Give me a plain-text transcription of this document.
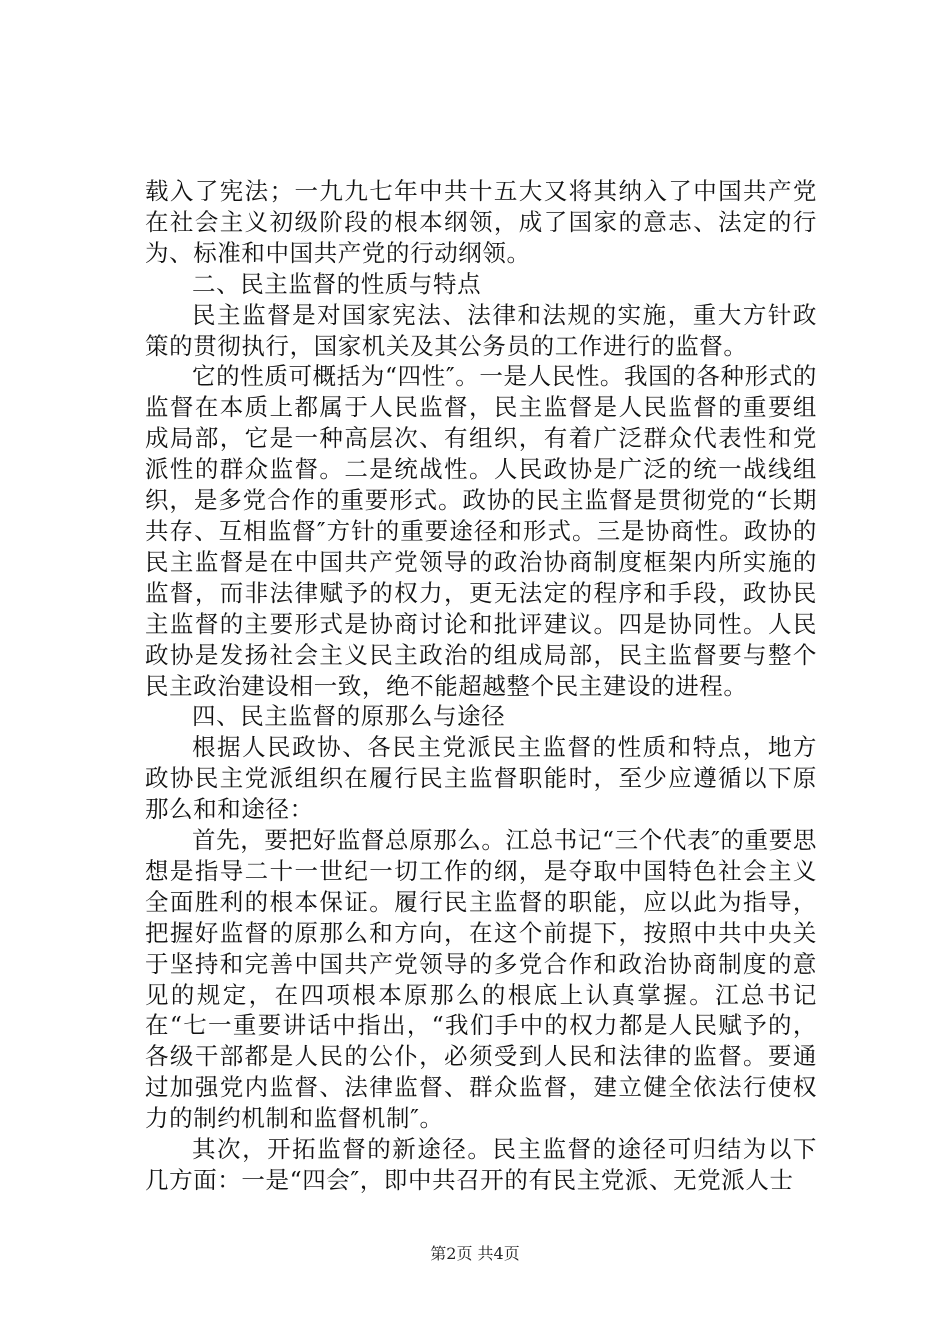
载入了宪法；一九九七年中共十五大又将其纳入了中国共产党在社会主义初级阶段的根本纲领，成了国家的意志、法定的行为、标准和中国共产党的行动纲领。

二、民主监督的性质与特点

民主监督是对国家宪法、法律和法规的实施，重大方针政策的贯彻执行，国家机关及其公务员的工作进行的监督。

它的性质可概括为“四性″。一是人民性。我国的各种形式的监督在本质上都属于人民监督，民主监督是人民监督的重要组成局部，它是一种高层次、有组织，有着广泛群众代表性和党派性的群众监督。二是统战性。人民政协是广泛的统一战线组织，是多党合作的重要形式。政协的民主监督是贯彻党的“长期共存、互相监督″方针的重要途径和形式。三是协商性。政协的民主监督是在中国共产党领导的政治协商制度框架内所实施的监督，而非法律赋予的权力，更无法定的程序和手段，政协民主监督的主要形式是协商讨论和批评建议。四是协同性。人民政协是发扬社会主义民主政治的组成局部，民主监督要与整个民主政治建设相一致，绝不能超越整个民主建设的进程。

四、民主监督的原那么与途径

根据人民政协、各民主党派民主监督的性质和特点，地方政协民主党派组织在履行民主监督职能时，至少应遵循以下原那么和和途径：

首先，要把好监督总原那么。江总书记“三个代表″的重要思想是指导二十一世纪一切工作的纲，是夺取中国特色社会主义全面胜利的根本保证。履行民主监督的职能，应以此为指导，把握好监督的原那么和方向，在这个前提下，按照中共中央关于坚持和完善中国共产党领导的多党合作和政治协商制度的意见的规定，在四项根本原那么的根底上认真掌握。江总书记在“七一重要讲话中指出，“我们手中的权力都是人民赋予的，各级干部都是人民的公仆，必须受到人民和法律的监督。要通过加强党内监督、法律监督、群众监督，建立健全依法行使权力的制约机制和监督机制″。

其次，开拓监督的新途径。民主监督的途径可归结为以下几方面：一是“四会″，即中共召开的有民主党派、无党派人士

第2页 共4页
